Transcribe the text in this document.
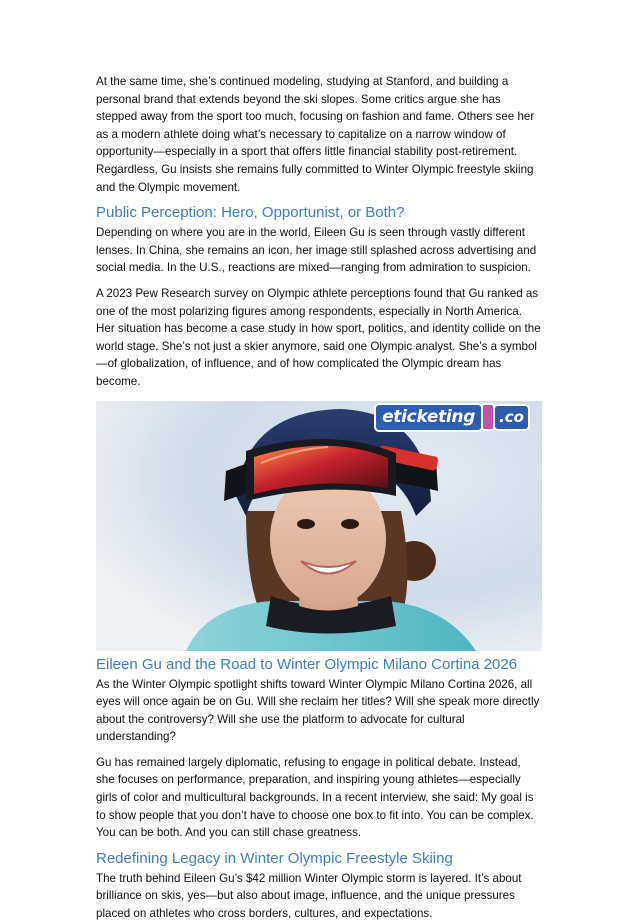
At the same time, she’s continued modeling, studying at Stanford, and building a personal brand that extends beyond the ski slopes. Some critics argue she has stepped away from the sport too much, focusing on fashion and fame. Others see her as a modern athlete doing what’s necessary to capitalize on a narrow window of opportunity—especially in a sport that offers little financial stability post-retirement. Regardless, Gu insists she remains fully committed to Winter Olympic freestyle skiing and the Olympic movement.

Public Perception: Hero, Opportunist, or Both?

Depending on where you are in the world, Eileen Gu is seen through vastly different lenses. In China, she remains an icon, her image still splashed across advertising and social media. In the U.S., reactions are mixed—ranging from admiration to suspicion.

A 2023 Pew Research survey on Olympic athlete perceptions found that Gu ranked as one of the most polarizing figures among respondents, especially in North America. Her situation has become a case study in how sport, politics, and identity collide on the world stage. She’s not just a skier anymore, said one Olympic analyst. She’s a symbol—of globalization, of influence, and of how complicated the Olympic dream has become.

eticketing	.co
Eileen Gu and the Road to Winter Olympic Milano Cortina 2026

As the Winter Olympic spotlight shifts toward Winter Olympic Milano Cortina 2026, all eyes will once again be on Gu. Will she reclaim her titles? Will she speak more directly about the controversy? Will she use the platform to advocate for cultural understanding?

Gu has remained largely diplomatic, refusing to engage in political debate. Instead, she focuses on performance, preparation, and inspiring young athletes—especially girls of color and multicultural backgrounds. In a recent interview, she said: My goal is to show people that you don’t have to choose one box to fit into. You can be complex. You can be both. And you can still chase greatness.

Redefining Legacy in Winter Olympic Freestyle Skiing

The truth behind Eileen Gu’s $42 million Winter Olympic storm is layered. It’s about brilliance on skis, yes—but also about image, influence, and the unique pressures placed on athletes who cross borders, cultures, and expectations.
